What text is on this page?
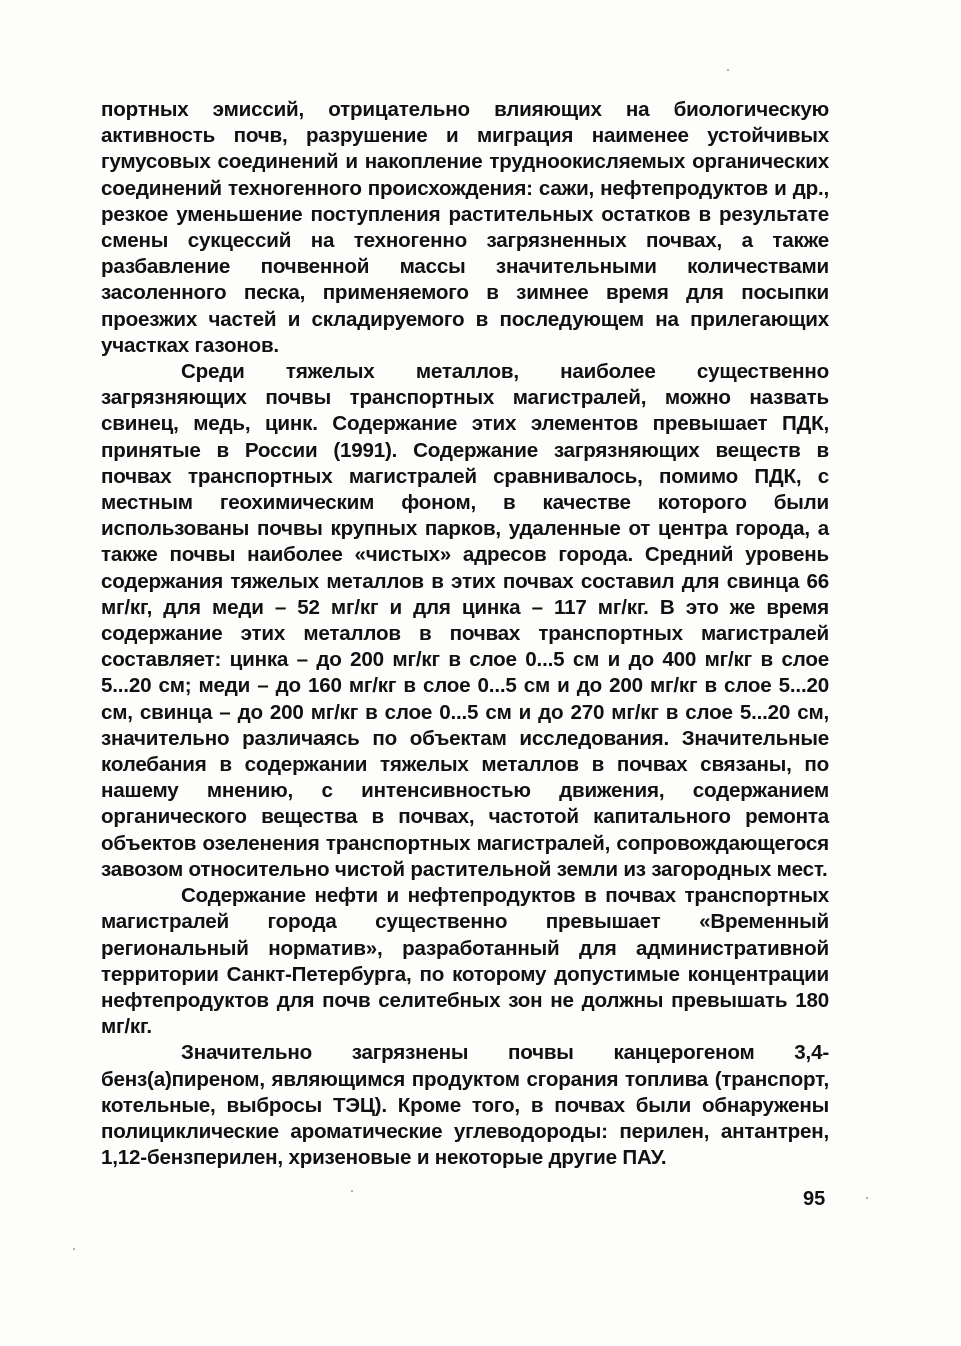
портных эмиссий, отрицательно влияющих на биологическую активность почв, разрушение и миграция наименее устойчивых гумусовых соединений и накопление трудноокисляемых органических соединений техногенного происхождения: сажи, нефтепродуктов и др., резкое уменьшение поступления растительных остатков в результате смены сукцессий на техногенно загрязненных почвах, а также разбавление почвенной массы значительными количествами засоленного песка, применяемого в зимнее время для посыпки проезжих частей и складируемого в последующем на прилегающих участках газонов.

Среди тяжелых металлов, наиболее существенно загрязняющих почвы транспортных магистралей, можно назвать свинец, медь, цинк. Содержание этих элементов превышает ПДК, принятые в России (1991). Содержание загрязняющих веществ в почвах транспортных магистралей сравнивалось, помимо ПДК, с местным геохимическим фоном, в качестве которого были использованы почвы крупных парков, удаленные от центра города, а также почвы наиболее «чистых» адресов города. Средний уровень содержания тяжелых металлов в этих почвах составил для свинца 66 мг/кг, для меди – 52 мг/кг и для цинка – 117 мг/кг. В это же время содержание этих металлов в почвах транспортных магистралей составляет: цинка – до 200 мг/кг в слое 0...5 см и до 400 мг/кг в слое 5...20 см; меди – до 160 мг/кг в слое 0...5 см и до 200 мг/кг в слое 5...20 см, свинца – до 200 мг/кг в слое 0...5 см и до 270 мг/кг в слое 5...20 см, значительно различаясь по объектам исследования. Значительные колебания в содержании тяжелых металлов в почвах связаны, по нашему мнению, с интенсивностью движения, содержанием органического вещества в почвах, частотой капитального ремонта объектов озеленения транспортных магистралей, сопровождающегося завозом относительно чистой растительной земли из загородных мест.

Содержание нефти и нефтепродуктов в почвах транспортных магистралей города существенно превышает «Временный региональный норматив», разработанный для административной территории Санкт-Петербурга, по которому допустимые концентрации нефтепродуктов для почв селитебных зон не должны превышать 180 мг/кг.

Значительно загрязнены почвы канцерогеном 3,4-бенз(а)пиреном, являющимся продуктом сгорания топлива (транспорт, котельные, выбросы ТЭЦ). Кроме того, в почвах были обнаружены полициклические ароматические углеводороды: перилен, антантрен, 1,12-бензперилен, хризеновые и некоторые другие ПАУ.

95
